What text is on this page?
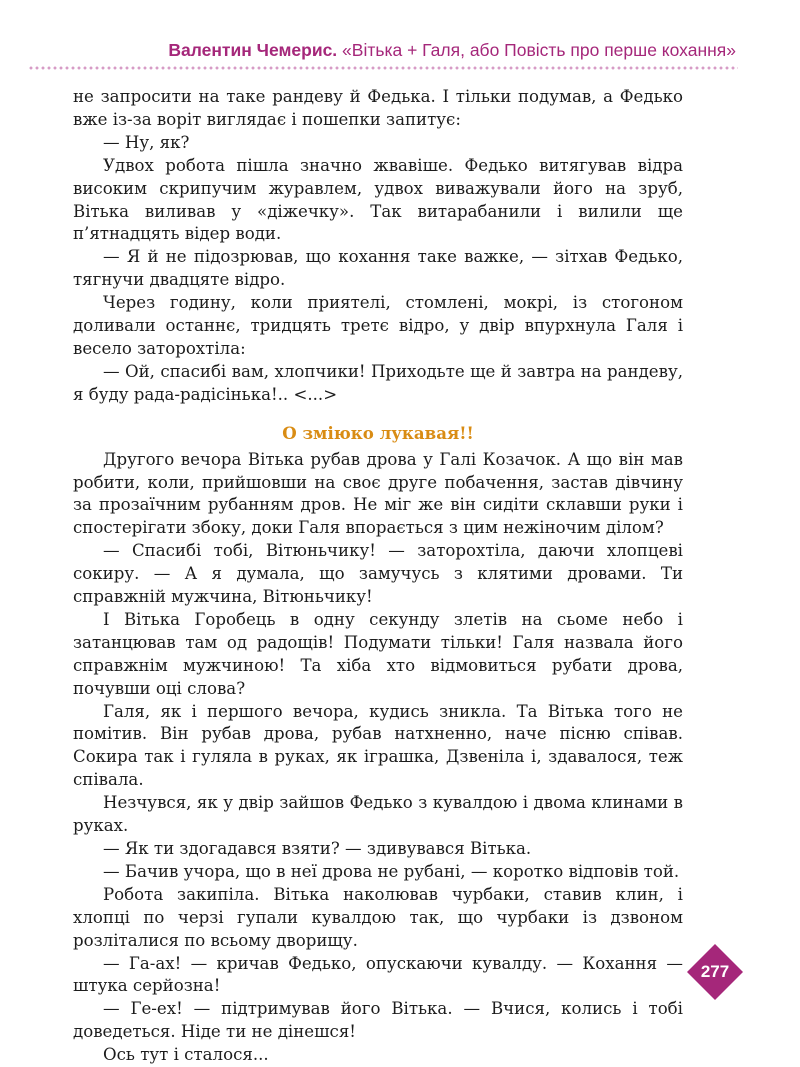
Валентин Чемерис. «Вітька + Галя, або Повість про перше кохання»

не запросити на таке рандеву й Федька. І тільки подумав, а Федько вже із-за воріт виглядає і пошепки запитує:

— Ну, як?

Удвох робота пішла значно жвавіше. Федько витягував відра високим скрипучим журавлем, удвох виважували його на зруб, Вітька виливав у «діжечку». Так витарабанили і вилили ще п’ятнадцять відер води.

— Я й не підозрював, що кохання таке важке, — зітхав Федько, тягнучи двадцяте відро.

Через годину, коли приятелі, стомлені, мокрі, із стогоном доливали останнє, тридцять третє відро, у двір впурхнула Галя і весело заторохтіла:

— Ой, спасибі вам, хлопчики! Приходьте ще й завтра на рандеву, я буду рада-радісінька!.. <...>

О змiюко лукавая!!

Другого вечора Вітька рубав дрова у Галі Козачок. А що він мав робити, коли, прийшовши на своє друге побачення, застав дівчину за прозаїчним рубанням дров. Не міг же він сидіти склавши руки і спостерігати збоку, доки Галя впорається з цим нежіночим ділом?

— Спасибі тобі, Вітюньчику! — заторохтіла, даючи хлопцеві сокиру. — А я думала, що замучусь з клятими дровами. Ти справжній мужчина, Вітюньчику!

І Вітька Горобець в одну секунду злетів на сьоме небо і затанцював там од радощів! Подумати тільки! Галя назвала його справжнім мужчиною! Та хіба хто відмовиться рубати дрова, почувши оці слова?

Галя, як і першого вечора, кудись зникла. Та Вітька того не помітив. Він рубав дрова, рубав натхненно, наче пісню співав. Сокира так і гуляла в руках, як іграшка, Дзвеніла і, здавалося, теж співала.

Незчувся, як у двір зайшов Федько з кувалдою і двома клинами в руках.

— Як ти здогадався взяти? — здивувався Вітька.

— Бачив учора, що в неї дрова не рубані, — коротко відповів той.

Робота закипіла. Вітька наколював чурбаки, ставив клин, і хлопці по черзі гупали кувалдою так, що чурбаки із дзвоном розліталися по всьому дворищу.

— Га-ах! — кричав Федько, опускаючи кувалду. — Кохання — штука серйозна!

— Ге-ех! — підтримував його Вітька. — Вчися, колись і тобі доведеться. Ніде ти не дінешся!

Ось тут і сталося...

277
